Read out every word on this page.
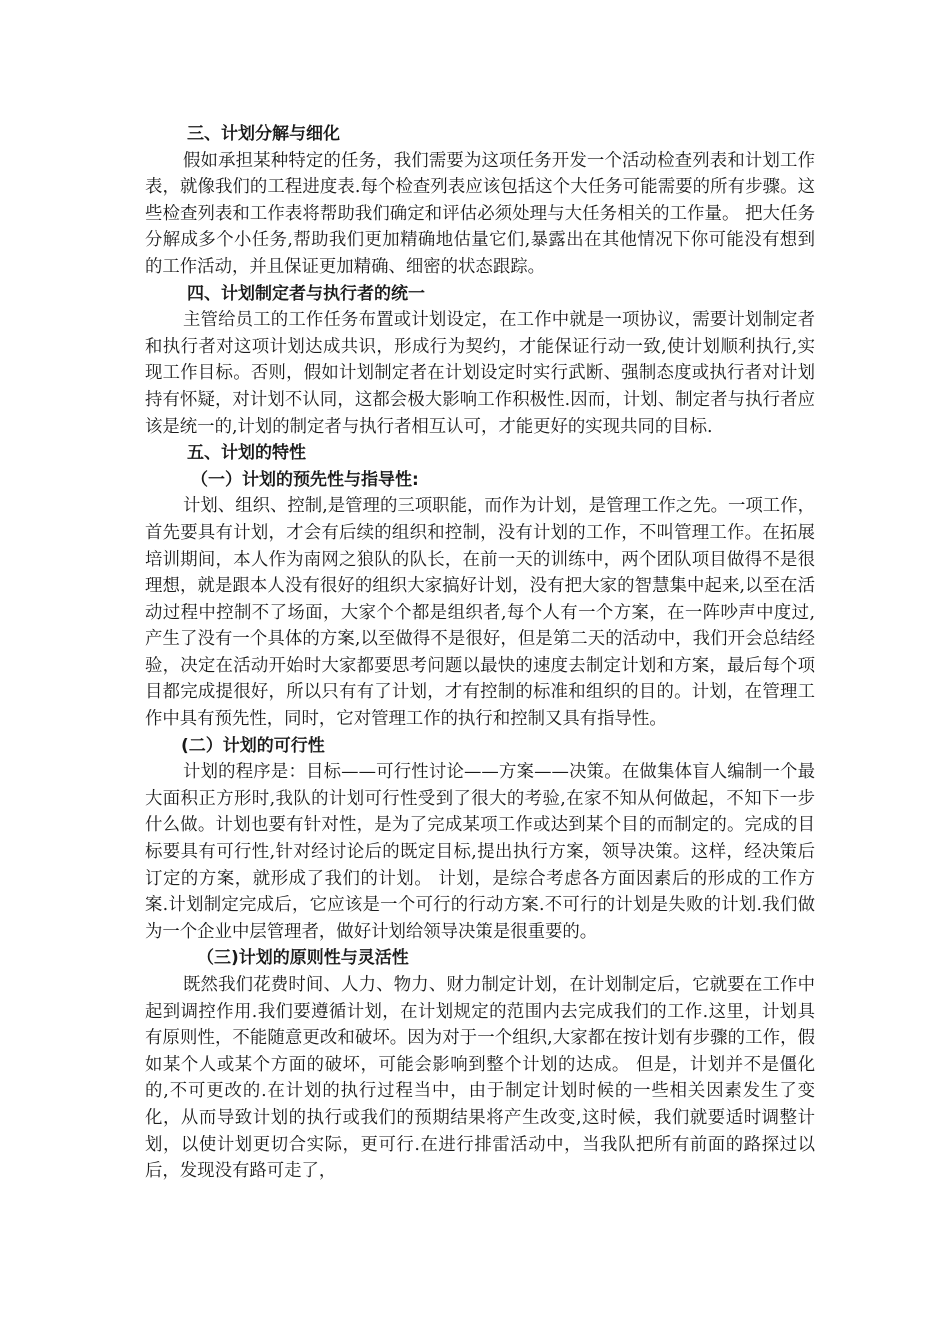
三、计划分解与细化

假如承担某种特定的任务，我们需要为这项任务开发一个活动检查列表和计划工作表，就像我们的工程进度表.每个检查列表应该包括这个大任务可能需要的所有步骤。这些检查列表和工作表将帮助我们确定和评估必须处理与大任务相关的工作量。 把大任务分解成多个小任务,帮助我们更加精确地估量它们,暴露出在其他情况下你可能没有想到的工作活动，并且保证更加精确、细密的状态跟踪。

四、计划制定者与执行者的统一

主管给员工的工作任务布置或计划设定，在工作中就是一项协议，需要计划制定者和执行者对这项计划达成共识，形成行为契约，才能保证行动一致,使计划顺利执行,实现工作目标。否则，假如计划制定者在计划设定时实行武断、强制态度或执行者对计划持有怀疑，对计划不认同，这都会极大影响工作积极性.因而，计划、制定者与执行者应该是统一的,计划的制定者与执行者相互认可，才能更好的实现共同的目标.

五、计划的特性

（一）计划的预先性与指导性:

计划、组织、控制,是管理的三项职能，而作为计划，是管理工作之先。一项工作，首先要具有计划，才会有后续的组织和控制，没有计划的工作，不叫管理工作。在拓展培训期间，本人作为南网之狼队的队长，在前一天的训练中，两个团队项目做得不是很理想，就是跟本人没有很好的组织大家搞好计划，没有把大家的智慧集中起来,以至在活动过程中控制不了场面，大家个个都是组织者,每个人有一个方案，在一阵吵声中度过,产生了没有一个具体的方案,以至做得不是很好，但是第二天的活动中，我们开会总结经验，决定在活动开始时大家都要思考问题以最快的速度去制定计划和方案，最后每个项目都完成提很好，所以只有有了计划，才有控制的标准和组织的目的。计划，在管理工作中具有预先性，同时，它对管理工作的执行和控制又具有指导性。

(二）计划的可行性

计划的程序是：目标——可行性讨论——方案——决策。在做集体盲人编制一个最大面积正方形时,我队的计划可行性受到了很大的考验,在家不知从何做起，不知下一步什么做。计划也要有针对性，是为了完成某项工作或达到某个目的而制定的。完成的目标要具有可行性,针对经讨论后的既定目标,提出执行方案，领导决策。这样，经决策后订定的方案，就形成了我们的计划。 计划，是综合考虑各方面因素后的形成的工作方案.计划制定完成后，它应该是一个可行的行动方案.不可行的计划是失败的计划.我们做为一个企业中层管理者，做好计划给领导决策是很重要的。

（三)计划的原则性与灵活性

既然我们花费时间、人力、物力、财力制定计划，在计划制定后，它就要在工作中起到调控作用.我们要遵循计划，在计划规定的范围内去完成我们的工作.这里，计划具有原则性，不能随意更改和破坏。因为对于一个组织,大家都在按计划有步骤的工作，假如某个人或某个方面的破坏，可能会影响到整个计划的达成。 但是，计划并不是僵化的,不可更改的.在计划的执行过程当中，由于制定计划时候的一些相关因素发生了变化，从而导致计划的执行或我们的预期结果将产生改变,这时候，我们就要适时调整计划，以使计划更切合实际，更可行.在进行排雷活动中，当我队把所有前面的路探过以后，发现没有路可走了，
